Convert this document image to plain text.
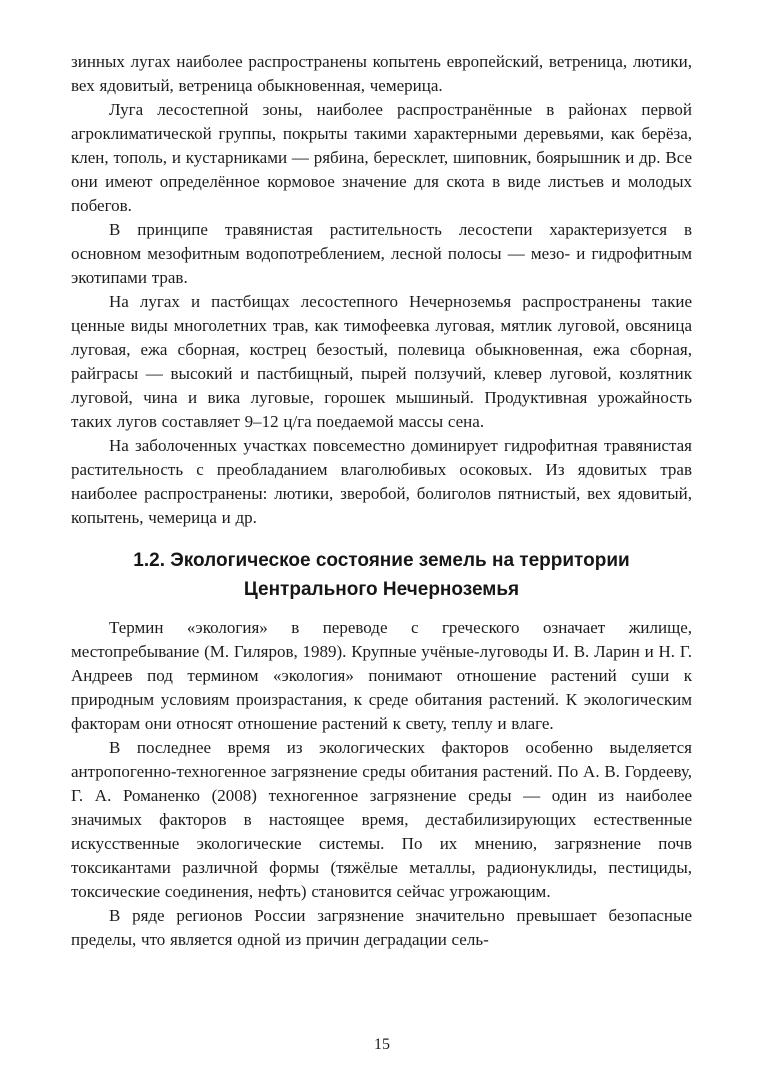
зинных лугах наиболее распространены копытень европейский, ветреница, лютики, вех ядовитый, ветреница обыкновенная, чемерица.

Луга лесостепной зоны, наиболее распространённые в районах первой агроклиматической группы, покрыты такими характерными деревьями, как берёза, клен, тополь, и кустарниками — рябина, бересклет, шиповник, боярышник и др. Все они имеют определённое кормовое значение для скота в виде листьев и молодых побегов.

В принципе травянистая растительность лесостепи характеризуется в основном мезофитным водопотреблением, лесной полосы — мезо- и гидрофитным экотипами трав.

На лугах и пастбищах лесостепного Нечерноземья распространены такие ценные виды многолетних трав, как тимофеевка луговая, мятлик луговой, овсяница луговая, ежа сборная, кострец безостый, полевица обыкновенная, ежа сборная, райграсы — высокий и пастбищный, пырей ползучий, клевер луговой, козлятник луговой, чина и вика луговые, горошек мышиный. Продуктивная урожайность таких лугов составляет 9–12 ц/га поедаемой массы сена.

На заболоченных участках повсеместно доминирует гидрофитная травянистая растительность с преобладанием влаголюбивых осоковых. Из ядовитых трав наиболее распространены: лютики, зверобой, болиголов пятнистый, вех ядовитый, копытень, чемерица и др.

1.2. Экологическое состояние земель на территории Центрального Нечерноземья

Термин «экология» в переводе с греческого означает жилище, местопребывание (М. Гиляров, 1989). Крупные учёные-луговоды И. В. Ларин и Н. Г. Андреев под термином «экология» понимают отношение растений суши к природным условиям произрастания, к среде обитания растений. К экологическим факторам они относят отношение растений к свету, теплу и влаге.

В последнее время из экологических факторов особенно выделяется антропогенно-техногенное загрязнение среды обитания растений. По А. В. Гордееву, Г. А. Романенко (2008) техногенное загрязнение среды — один из наиболее значимых факторов в настоящее время, дестабилизирующих естественные искусственные экологические системы. По их мнению, загрязнение почв токсикантами различной формы (тяжёлые металлы, радионуклиды, пестициды, токсические соединения, нефть) становится сейчас угрожающим.

В ряде регионов России загрязнение значительно превышает безопасные пределы, что является одной из причин деградации сель-

15
